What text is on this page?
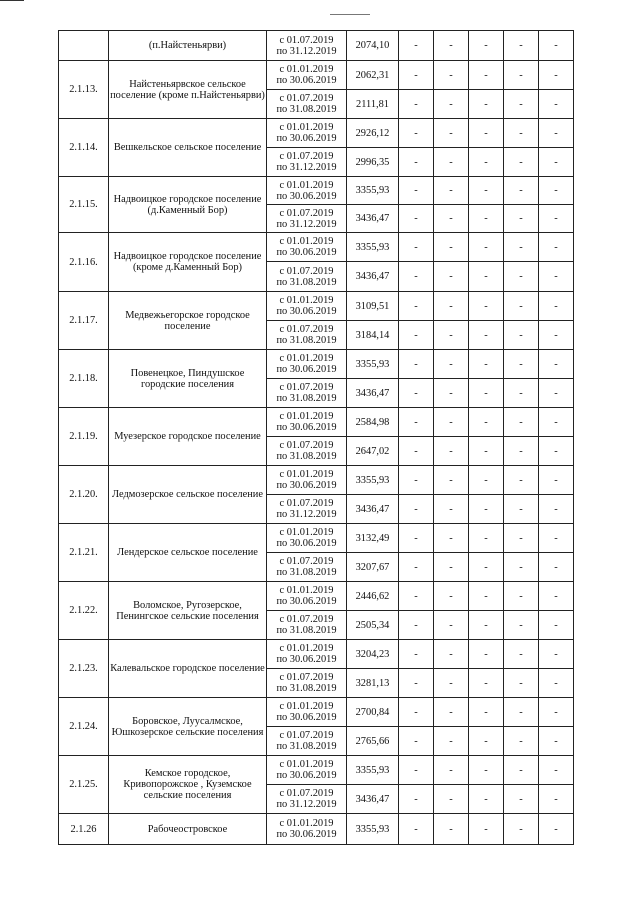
	(п.Найстеньярви)	с 01.07.2019
по 31.12.2019	2074,10	-	-	-	-	-
2.1.13.	Найстеньярвское сельское поселение (кроме п.Найстеньярви)	с 01.01.2019
по 30.06.2019	2062,31	-	-	-	-	-

		с 01.07.2019
по 31.08.2019	2111,81	-	-	-	-	-
2.1.14.	Вешкельское сельское поселение	с 01.01.2019
по 30.06.2019	2926,12	-	-	-	-	-

		с 01.07.2019
по 31.12.2019	2996,35	-	-	-	-	-
2.1.15.	Надвоицкое городское поселение (д.Каменный Бор)	с 01.01.2019
по 30.06.2019	3355,93	-	-	-	-	-

		с 01.07.2019
по 31.12.2019	3436,47	-	-	-	-	-
2.1.16.	Надвоицкое городское поселение (кроме д.Каменный Бор)	с 01.01.2019
по 30.06.2019	3355,93	-	-	-	-	-

		с 01.07.2019
по 31.08.2019	3436,47	-	-	-	-	-
2.1.17.	Медвежьегорское городское поселение	с 01.01.2019
по 30.06.2019	3109,51	-	-	-	-	-

		с 01.07.2019
по 31.08.2019	3184,14	-	-	-	-	-
2.1.18.	Повенецкое, Пиндушское городские поселения	с 01.01.2019
по 30.06.2019	3355,93	-	-	-	-	-

		с 01.07.2019
по 31.08.2019	3436,47	-	-	-	-	-
2.1.19.	Муезерское городское поселение	с 01.01.2019
по 30.06.2019	2584,98	-	-	-	-	-

		с 01.07.2019
по 31.08.2019	2647,02	-	-	-	-	-
2.1.20.	Ледмозерское сельское поселение	с 01.01.2019
по 30.06.2019	3355,93	-	-	-	-	-

		с 01.07.2019
по 31.12.2019	3436,47	-	-	-	-	-
2.1.21.	Лендерское сельское поселение	с 01.01.2019
по 30.06.2019	3132,49	-	-	-	-	-

		с 01.07.2019
по 31.08.2019	3207,67	-	-	-	-	-
2.1.22.	Воломское, Ругозерское, Пенингское сельские поселения	с 01.01.2019
по 30.06.2019	2446,62	-	-	-	-	-

		с 01.07.2019
по 31.08.2019	2505,34	-	-	-	-	-
2.1.23.	Калевальское городское поселение	с 01.01.2019
по 30.06.2019	3204,23	-	-	-	-	-

		с 01.07.2019
по 31.08.2019	3281,13	-	-	-	-	-
2.1.24.	Боровское, Луусалмское, Юшкозерское сельские поселения	с 01.01.2019
по 30.06.2019	2700,84	-	-	-	-	-

		с 01.07.2019
по 31.08.2019	2765,66	-	-	-	-	-
2.1.25.	Кемское городское, Кривопорожское , Куземское сельские поселения	с 01.01.2019
по 30.06.2019	3355,93	-	-	-	-	-

		с 01.07.2019
по 31.12.2019	3436,47	-	-	-	-	-
2.1.26	Рабочеостровское	с 01.01.2019
по 30.06.2019	3355,93	-	-	-	-	-
